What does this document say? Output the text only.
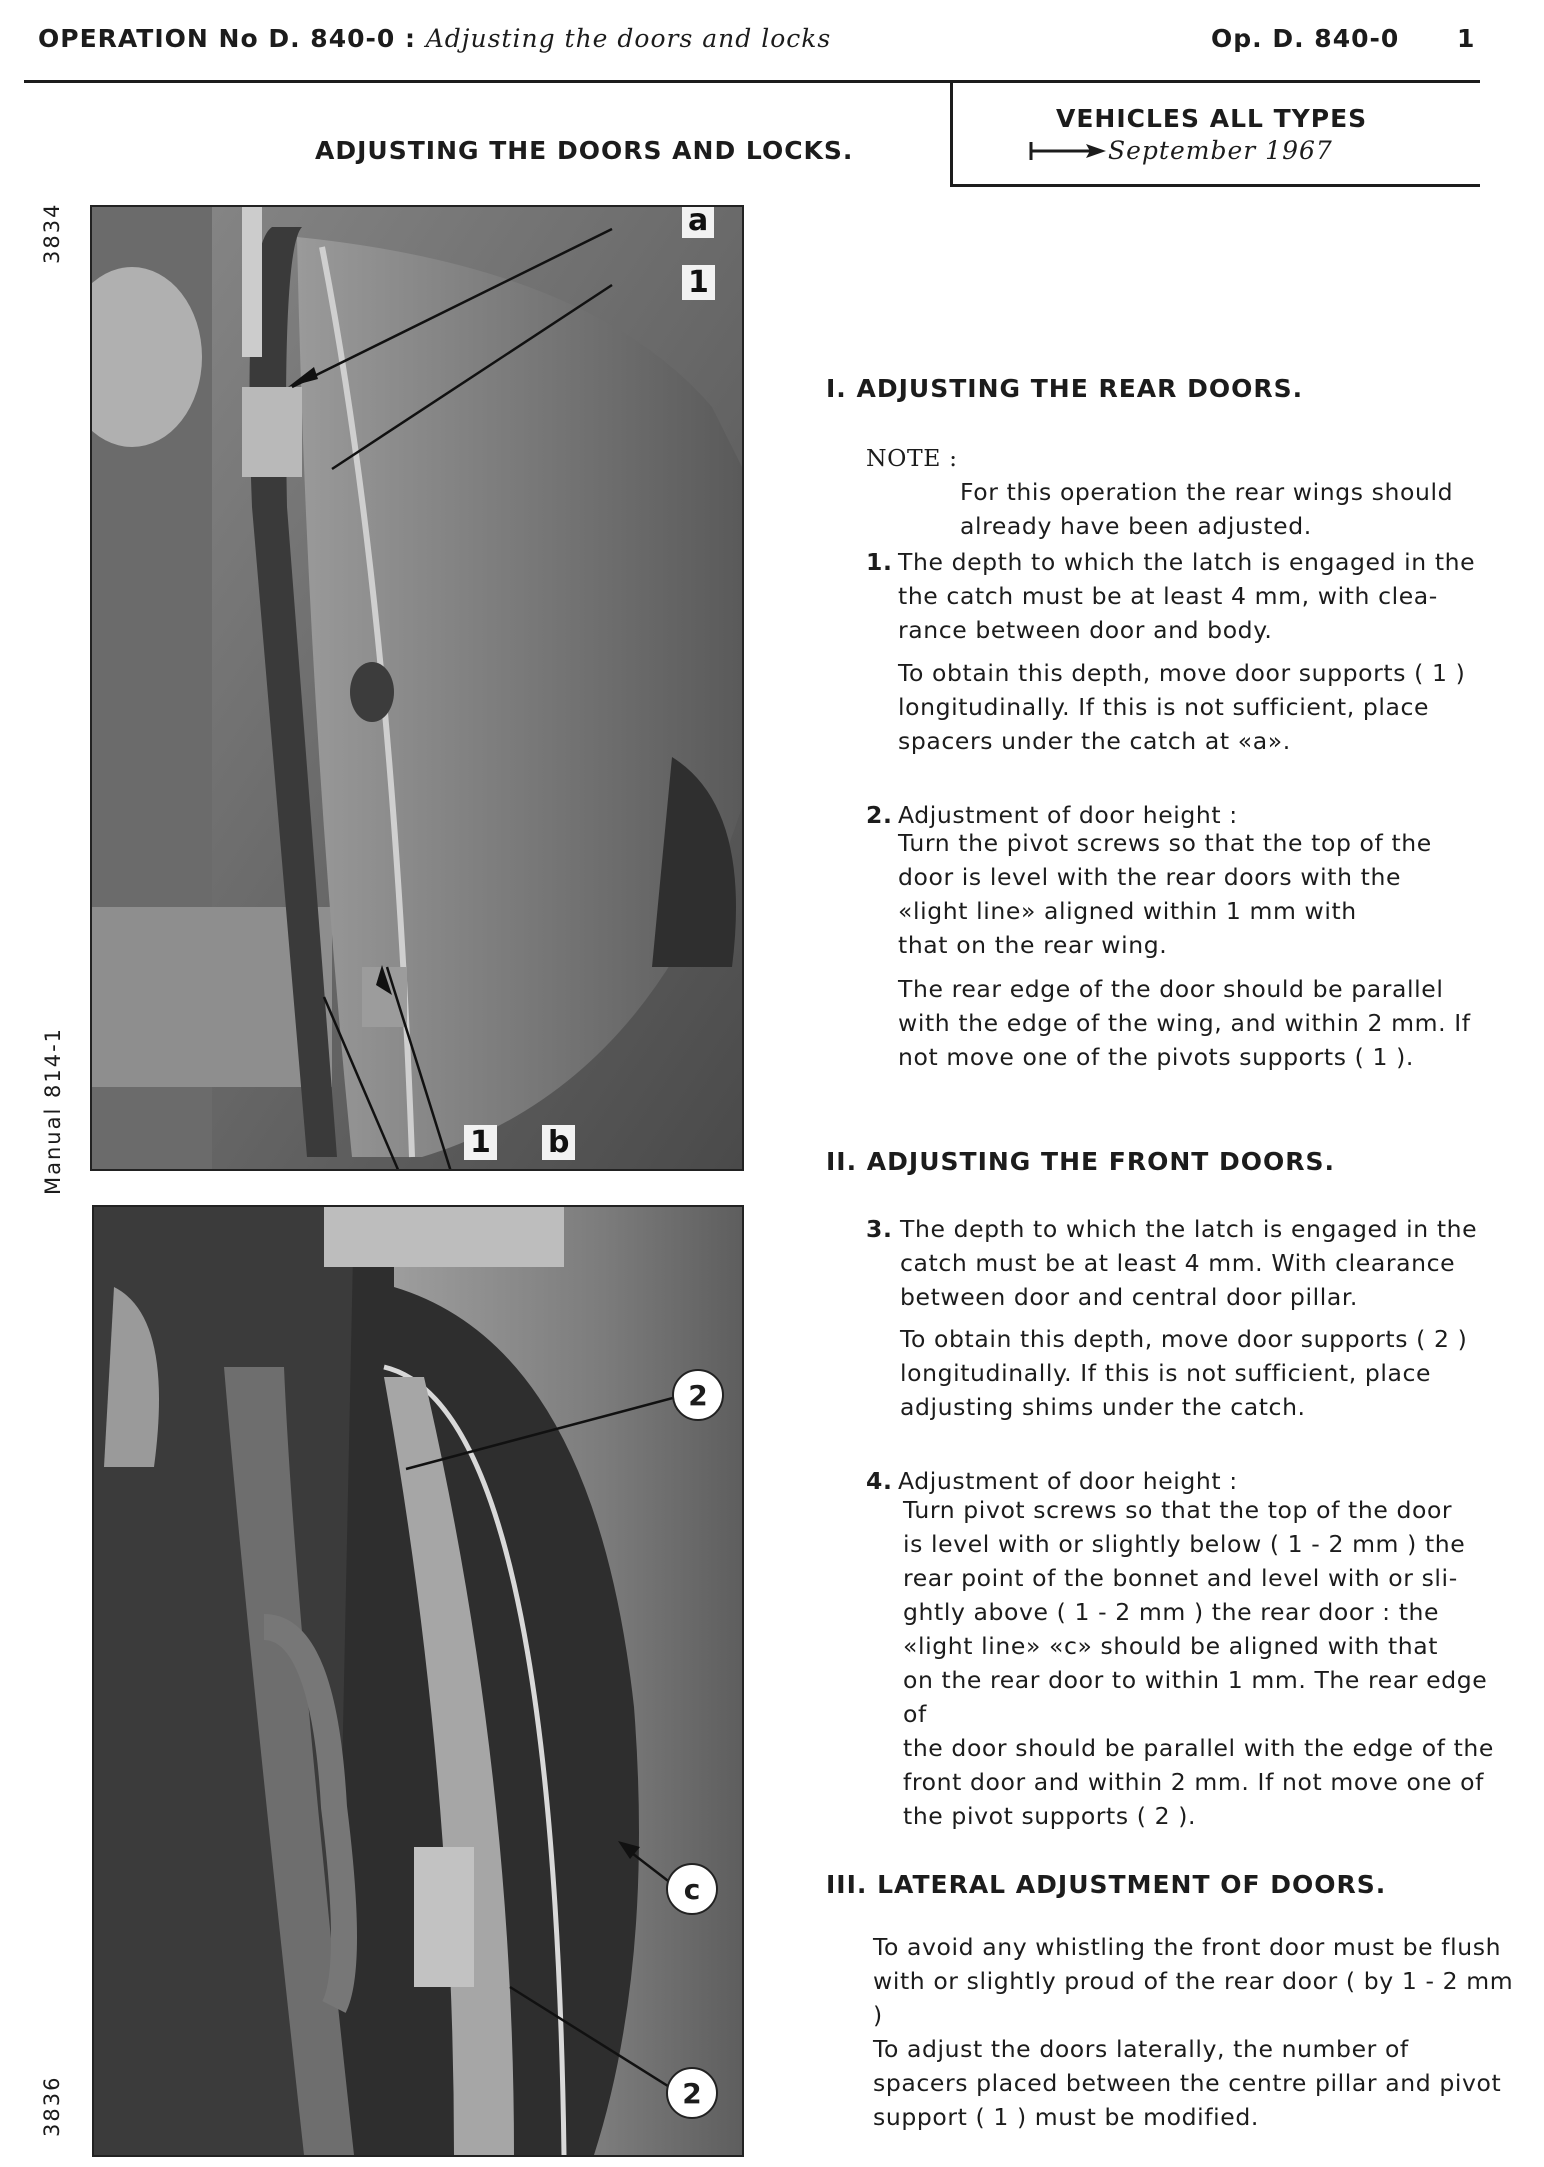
OPERATION No D. 840-0 : Adjusting the doors and locks	Op. D. 840-0 1
ADJUSTING THE DOORS AND LOCKS.
VEHICLES ALL TYPES
September 1967
3834
Manual 814-1
3836
a
1
1 b
2
c
2
I. ADJUSTING THE REAR DOORS.
NOTE :

For this operation the rear wings should
already have been adjusted.

1. The depth to which the latch is engaged in the
the catch must be at least 4 mm, with clea-
rance between door and body.
To obtain this depth, move door supports ( 1 )
longitudinally. If this is not sufficient, place
spacers under the catch at «a».
2. Adjustment of door height :
Turn the pivot screws so that the top of the
door is level with the rear doors with the
«light line» aligned within 1 mm with
that on the rear wing.
The rear edge of the door should be parallel
with the edge of the wing, and within 2 mm. If
not move one of the pivots supports ( 1 ).
II. ADJUSTING THE FRONT DOORS.
3. The depth to which the latch is engaged in the
catch must be at least 4 mm. With clearance
between door and central door pillar.
To obtain this depth, move door supports ( 2 )
longitudinally. If this is not sufficient, place
adjusting shims under the catch.
4. Adjustment of door height :
Turn pivot screws so that the top of the door
is level with or slightly below ( 1 - 2 mm ) the
rear point of the bonnet and level with or sli-
ghtly above ( 1 - 2 mm ) the rear door : the
«light line» «c» should be aligned with that
on the rear door to within 1 mm. The rear edge of
the door should be parallel with the edge of the
front door and within 2 mm. If not move one of
the pivot supports ( 2 ).
III. LATERAL ADJUSTMENT OF DOORS.
To avoid any whistling the front door must be flush
with or slightly proud of the rear door ( by 1 - 2 mm )
To adjust the doors laterally, the number of
spacers placed between the centre pillar and pivot
support ( 1 ) must be modified.
